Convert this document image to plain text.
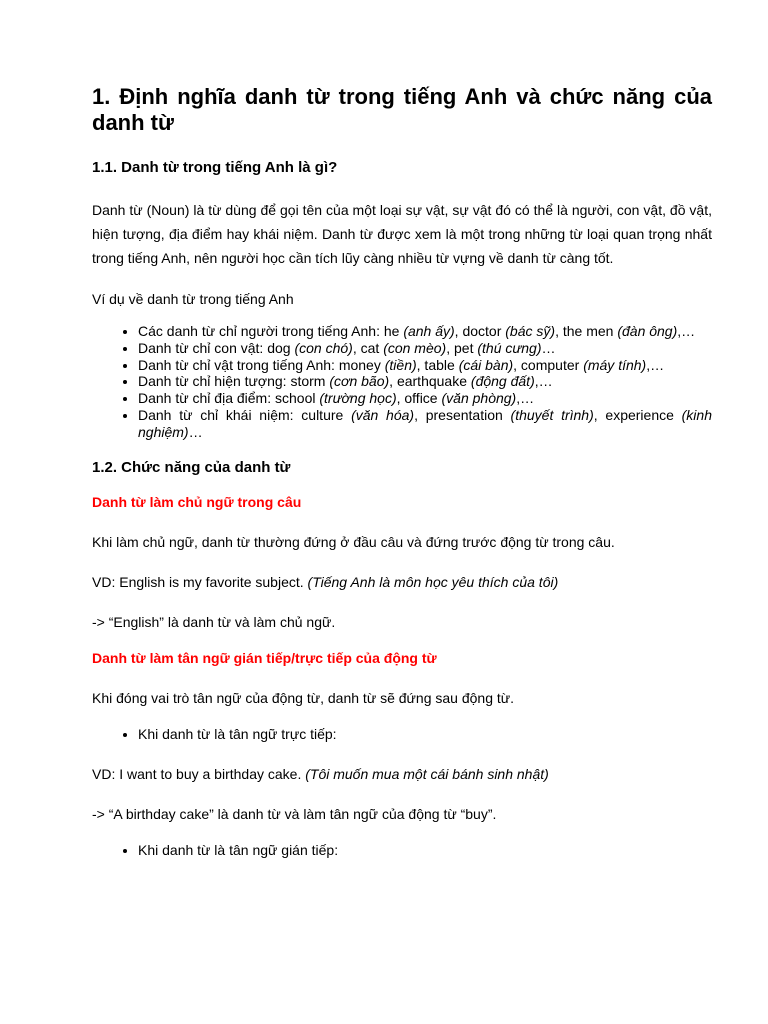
1. Định nghĩa danh từ trong tiếng Anh và chức năng của danh từ
1.1. Danh từ trong tiếng Anh là gì?

Danh từ (Noun) là từ dùng để gọi tên của một loại sự vật, sự vật đó có thể là người, con vật, đồ vật, hiện tượng, địa điểm hay khái niệm. Danh từ được xem là một trong những từ loại quan trọng nhất trong tiếng Anh, nên người học cần tích lũy càng nhiều từ vựng về danh từ càng tốt.

Ví dụ về danh từ trong tiếng Anh

• Các danh từ chỉ người trong tiếng Anh: he (anh ấy), doctor (bác sỹ), the men (đàn ông),…
• Danh từ chỉ con vật: dog (con chó), cat (con mèo), pet (thú cưng)…
• Danh từ chỉ vật trong tiếng Anh: money (tiền), table (cái bàn), computer (máy tính),…
• Danh từ chỉ hiện tượng: storm (cơn bão), earthquake (động đất),…
• Danh từ chỉ địa điểm: school (trường học), office (văn phòng),…
• Danh từ chỉ khái niệm: culture (văn hóa), presentation (thuyết trình), experience (kinh nghiệm)…
1.2. Chức năng của danh từ

Danh từ làm chủ ngữ trong câu

Khi làm chủ ngữ, danh từ thường đứng ở đầu câu và đứng trước động từ trong câu.

VD: English is my favorite subject. (Tiếng Anh là môn học yêu thích của tôi)

-> “English” là danh từ và làm chủ ngữ.

Danh từ làm tân ngữ gián tiếp/trực tiếp của động từ

Khi đóng vai trò tân ngữ của động từ, danh từ sẽ đứng sau động từ.

• Khi danh từ là tân ngữ trực tiếp:

VD: I want to buy a birthday cake. (Tôi muốn mua một cái bánh sinh nhật)

-> “A birthday cake” là danh từ và làm tân ngữ của động từ “buy”.

• Khi danh từ là tân ngữ gián tiếp:
